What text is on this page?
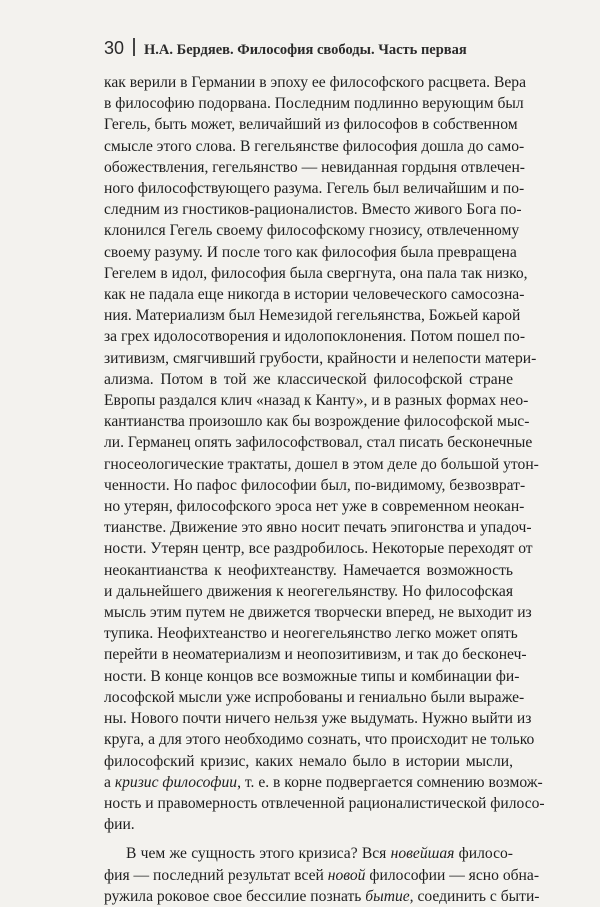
30 Н.А. Бердяев. Философия свободы. Часть первая
как верили в Германии в эпоху ее философского расцвета. Вера
в философию подорвана. Последним подлинно верующим был
Гегель, быть может, величайший из философов в собственном
смысле этого слова. В гегельянстве философия дошла до само-
обожествления, гегельянство — невиданная гордыня отвлечен-
ного философствующего разума. Гегель был величайшим и по-
следним из гностиков-рационалистов. Вместо живого Бога по-
клонился Гегель своему философскому гнозису, отвлеченному
своему разуму. И после того как философия была превращена
Гегелем в идол, философия была свергнута, она пала так низко,
как не падала еще никогда в истории человеческого самосозна-
ния. Материализм был Немезидой гегельянства, Божьей карой
за грех идолосотворения и идолопоклонения. Потом пошел по-
зитивизм, смягчивший грубости, крайности и нелепости матери-
ализма. Потом в той же классической философской стране
Европы раздался клич «назад к Канту», и в разных формах нео-
кантианства произошло как бы возрождение философской мыс-
ли. Германец опять зафилософствовал, стал писать бесконечные
гносеологические трактаты, дошел в этом деле до большой утон-
ченности. Но пафос философии был, по-видимому, безвозврат-
но утерян, философского эроса нет уже в современном неокан-
тианстве. Движение это явно носит печать эпигонства и упадоч-
ности. Утерян центр, все раздробилось. Некоторые переходят от
неокантианства к неофихтеанству. Намечается возможность
и дальнейшего движения к неогегельянству. Но философская
мысль этим путем не движется творчески вперед, не выходит из
тупика. Неофихтеанство и неогегельянство легко может опять
перейти в неоматериализм и неопозитивизм, и так до бесконеч-
ности. В конце концов все возможные типы и комбинации фи-
лософской мысли уже испробованы и гениально были выраже-
ны. Нового почти ничего нельзя уже выдумать. Нужно выйти из
круга, а для этого необходимо сознать, что происходит не только
философский кризис, каких немало было в истории мысли,
а кризис философии, т. е. в корне подвергается сомнению возмож-
ность и правомерность отвлеченной рационалистической филосо-
фии.
В чем же сущность этого кризиса? Вся новейшая филосо-
фия — последний результат всей новой философии — ясно обна-
ружила роковое свое бессилие познать бытие, соединить с быти-
